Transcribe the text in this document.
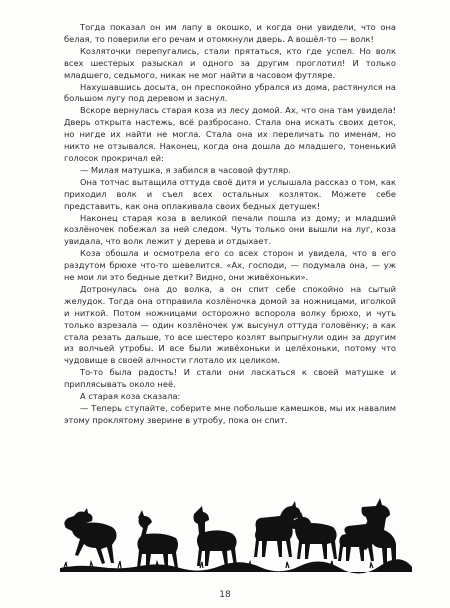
Тогда показал он им лапу в окошко, и когда они увидели, что она белая, то поверили его речам и отомкнули дверь. А вошёл-то — волк!

Козляточки перепугались, стали прятаться, кто где успел. Но волк всех шестерых разыскал и одного за другим проглотил! И только младшего, седьмого, никак не мог найти в часовом футляре.

Нахушавшись досыта, он преспокойно убрался из дома, растянулся на большом лугу под деревом и заснул.

Вскоре вернулась старая коза из лесу домой. Ах, что она там увидела! Дверь открыта настежь, всё разбросано. Стала она искать своих деток, но нигде их найти не могла. Стала она их переличать по именам, но никто не отзывался. Наконец, когда она дошла до младшего, тоненький голосок прокричал ей:

— Милая матушка, я забился в часовой футляр.

Она тотчас вытащила оттуда своё дитя и услышала рассказ о том, как приходил волк и съел всех остальных козляток. Можете себе представить, как она оплакивала своих бедных детушек!

Наконец старая коза в великой печали пошла из дому; и младший козлёночек побежал за ней следом. Чуть только они вышли на луг, коза увидала, что волк лежит у дерева и отдыхает.

Коза обошла и осмотрела его со всех сторон и увидела, что в его раздутом брюхе что-то шевелится. «Ах, господи, — подумала она, — уж не мои ли это бедные детки? Видно, они живёхоньки».

Дотронулась она до волка, а он спит себе спокойно на сытый желудок. Тогда она отправила козлёночка домой за ножницами, иголкой и ниткой. Потом ножницами осторожно вспорола волку брюхо, и чуть только взрезала — один козлёночек уж высунул оттуда головёнку; а как стала резать дальше, то все шестеро козлят выпрыгнули один за другим из волчьей утробы. И все были живёхоньки и целёхоньки, потому что чудовище в своей алчности глотало их целиком.

То-то была радость! И стали они ласкаться к своей матушке и приплясывать около неё.

А старая коза сказала:

— Теперь ступайте, соберите мне побольше камешков, мы их навалим этому проклятому зверине в утробу, пока он спит.

18
